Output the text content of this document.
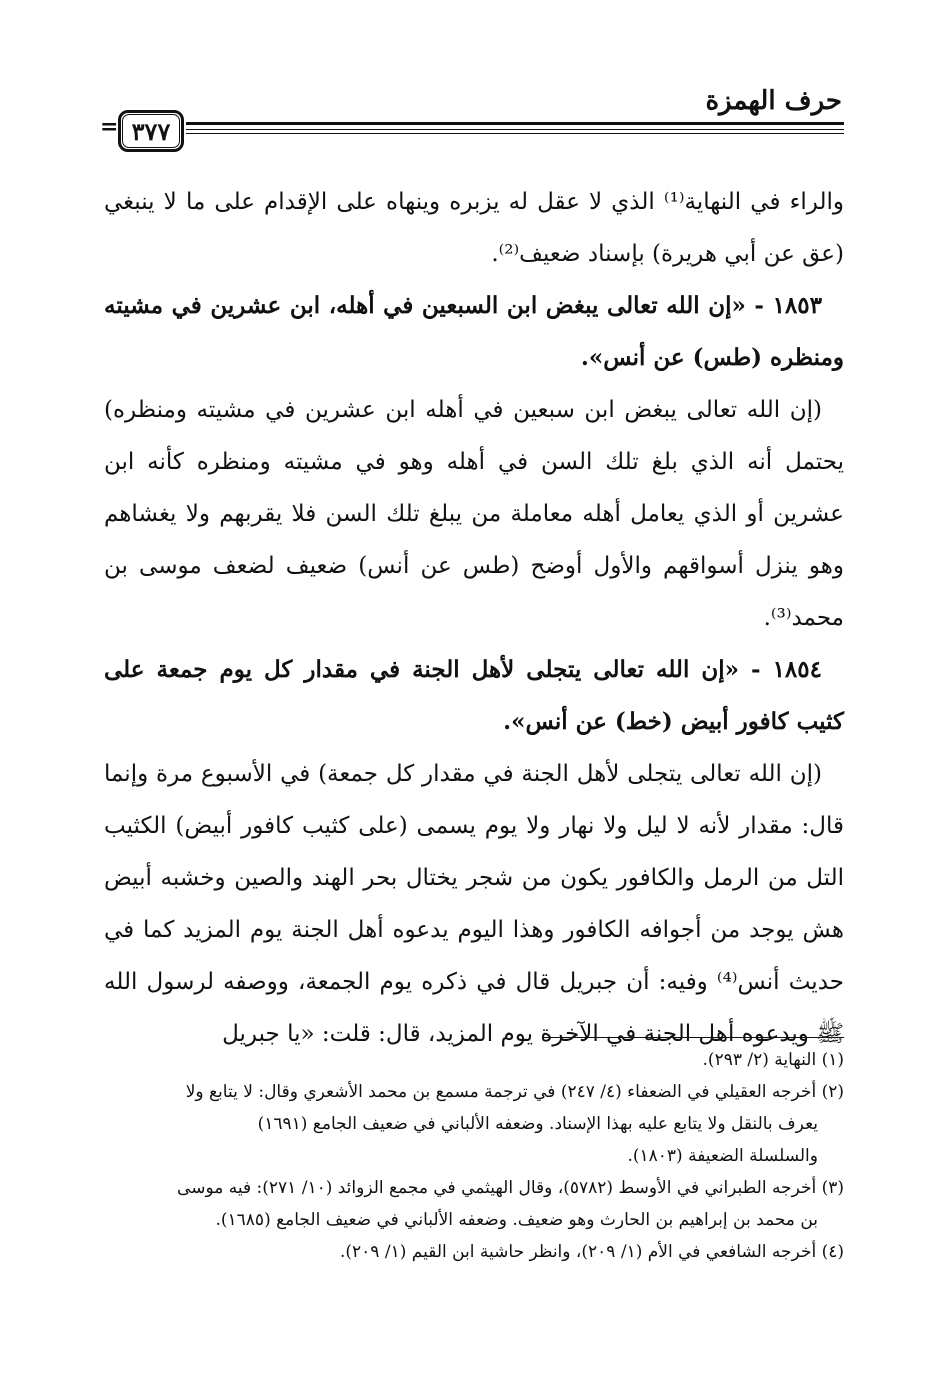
حرف الهمزة
= ٣٧٧

والراء في النهاية⁽¹⁾ الذي لا عقل له يزبره وينهاه على الإقدام على ما لا ينبغي (عق عن أبي هريرة) بإسناد ضعيف⁽²⁾.

١٨٥٣ - «إن الله تعالى يبغض ابن السبعين في أهله، ابن عشرين في مشيته ومنظره (طس) عن أنس».

(إن الله تعالى يبغض ابن سبعين في أهله ابن عشرين في مشيته ومنظره) يحتمل أنه الذي بلغ تلك السن في أهله وهو في مشيته ومنظره كأنه ابن عشرين أو الذي يعامل أهله معاملة من يبلغ تلك السن فلا يقربهم ولا يغشاهم وهو ينزل أسواقهم والأول أوضح (طس عن أنس) ضعيف لضعف موسى بن محمد⁽³⁾.

١٨٥٤ - «إن الله تعالى يتجلى لأهل الجنة في مقدار كل يوم جمعة على كثيب كافور أبيض (خط) عن أنس».

(إن الله تعالى يتجلى لأهل الجنة في مقدار كل جمعة) في الأسبوع مرة وإنما قال: مقدار لأنه لا ليل ولا نهار ولا يوم يسمى (على كثيب كافور أبيض) الكثيب التل من الرمل والكافور يكون من شجر يختال بحر الهند والصين وخشبه أبيض هش يوجد من أجوافه الكافور وهذا اليوم يدعوه أهل الجنة يوم المزيد كما في حديث أنس⁽⁴⁾ وفيه: أن جبريل قال في ذكره يوم الجمعة، ووصفه لرسول الله ﷺ ويدعوه أهل الجنة في الآخرة يوم المزيد، قال: قلت: «يا جبريل

(١) النهاية (٢/ ٢٩٣).

(٢) أخرجه العقيلي في الضعفاء (٤/ ٢٤٧) في ترجمة مسمع بن محمد الأشعري وقال: لا يتابع ولا

يعرف بالنقل ولا يتابع عليه بهذا الإسناد. وضعفه الألباني في ضعيف الجامع (١٦٩١)

والسلسلة الضعيفة (١٨٠٣).

(٣) أخرجه الطبراني في الأوسط (٥٧٨٢)، وقال الهيثمي في مجمع الزوائد (١٠/ ٢٧١): فيه موسى

بن محمد بن إبراهيم بن الحارث وهو ضعيف. وضعفه الألباني في ضعيف الجامع (١٦٨٥).

(٤) أخرجه الشافعي في الأم (١/ ٢٠٩)، وانظر حاشية ابن القيم (١/ ٢٠٩).
